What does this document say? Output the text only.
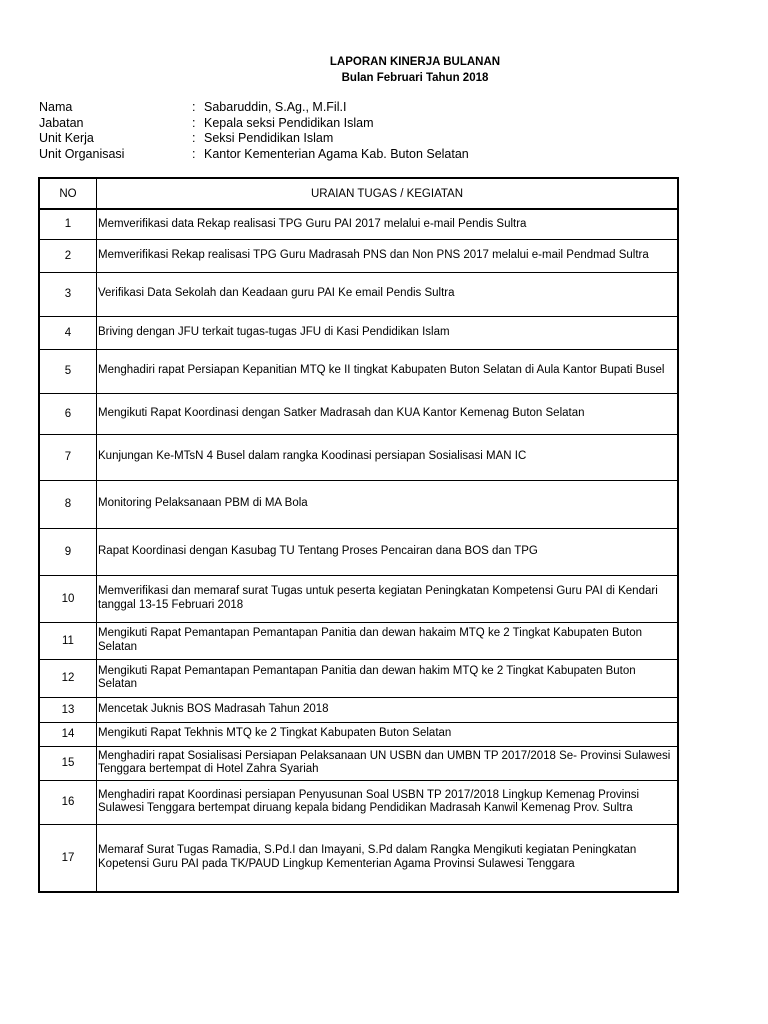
LAPORAN KINERJA BULANAN
Bulan Februari Tahun 2018
Nama	: Sabaruddin, S.Ag., M.Fil.I
Jabatan	: Kepala seksi Pendidikan Islam
Unit Kerja	: Seksi Pendidikan Islam
Unit Organisasi	: Kantor Kementerian Agama Kab. Buton Selatan
NO	URAIAN TUGAS / KEGIATAN
1	Memverifikasi data Rekap realisasi TPG Guru PAI 2017 melalui e-mail Pendis Sultra
2	Memverifikasi Rekap realisasi TPG Guru Madrasah PNS dan Non PNS 2017 melalui e-mail Pendmad Sultra
3	Verifikasi Data Sekolah dan Keadaan guru PAI Ke email Pendis Sultra
4	Briving dengan JFU terkait tugas-tugas JFU di Kasi Pendidikan Islam
5	Menghadiri rapat Persiapan Kepanitian MTQ ke II tingkat Kabupaten Buton Selatan di Aula Kantor Bupati Busel
6	Mengikuti Rapat Koordinasi dengan Satker Madrasah dan KUA Kantor Kemenag Buton Selatan
7	Kunjungan Ke-MTsN 4 Busel dalam rangka Koodinasi persiapan Sosialisasi MAN IC
8	Monitoring Pelaksanaan PBM di MA Bola
9	Rapat Koordinasi dengan Kasubag TU Tentang Proses Pencairan dana BOS dan TPG
10	Memverifikasi dan memaraf surat Tugas untuk peserta kegiatan Peningkatan Kompetensi Guru PAI di Kendari tanggal 13-15 Februari 2018
11	Mengikuti Rapat Pemantapan Pemantapan Panitia dan dewan hakaim MTQ ke 2 Tingkat Kabupaten Buton Selatan
12	Mengikuti Rapat Pemantapan Pemantapan Panitia dan dewan hakim MTQ ke 2 Tingkat Kabupaten Buton Selatan
13	Mencetak Juknis BOS Madrasah Tahun 2018
14	Mengikuti Rapat Tekhnis MTQ ke 2 Tingkat Kabupaten Buton Selatan
15	Menghadiri rapat Sosialisasi Persiapan Pelaksanaan UN USBN dan UMBN TP 2017/2018 Se- Provinsi Sulawesi Tenggara bertempat di Hotel Zahra Syariah
16	Menghadiri rapat Koordinasi persiapan Penyusunan Soal USBN TP 2017/2018 Lingkup Kemenag Provinsi Sulawesi Tenggara bertempat diruang kepala bidang Pendidikan Madrasah Kanwil Kemenag Prov. Sultra
17	Memaraf Surat Tugas Ramadia, S.Pd.I dan Imayani, S.Pd dalam Rangka Mengikuti kegiatan Peningkatan Kopetensi Guru PAI pada TK/PAUD Lingkup Kementerian Agama Provinsi Sulawesi Tenggara
